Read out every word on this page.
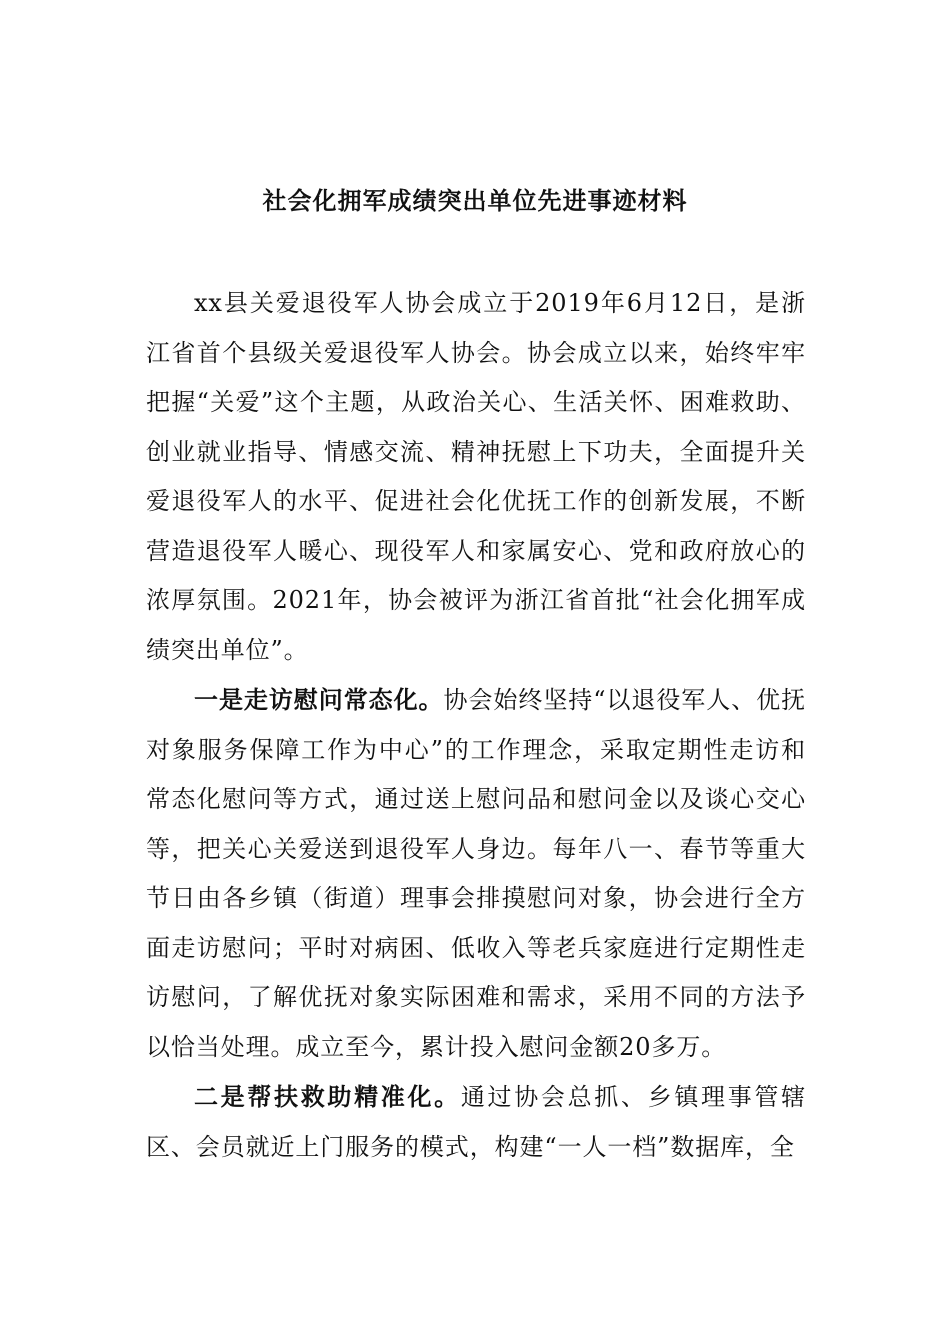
社会化拥军成绩突出单位先进事迹材料

xx县关爱退役军人协会成立于2019年6月12日，是浙江省首个县级关爱退役军人协会。协会成立以来，始终牢牢把握“关爱”这个主题，从政治关心、生活关怀、困难救助、创业就业指导、情感交流、精神抚慰上下功夫，全面提升关爱退役军人的水平、促进社会化优抚工作的创新发展，不断营造退役军人暖心、现役军人和家属安心、党和政府放心的浓厚氛围。2021年，协会被评为浙江省首批“社会化拥军成绩突出单位”。

一是走访慰问常态化。协会始终坚持“以退役军人、优抚对象服务保障工作为中心”的工作理念，采取定期性走访和常态化慰问等方式，通过送上慰问品和慰问金以及谈心交心等，把关心关爱送到退役军人身边。每年八一、春节等重大节日由各乡镇（街道）理事会排摸慰问对象，协会进行全方面走访慰问；平时对病困、低收入等老兵家庭进行定期性走访慰问，了解优抚对象实际困难和需求，采用不同的方法予以恰当处理。成立至今，累计投入慰问金额20多万。

二是帮扶救助精准化。通过协会总抓、乡镇理事管辖区、会员就近上门服务的模式，构建“一人一档”数据库，全
